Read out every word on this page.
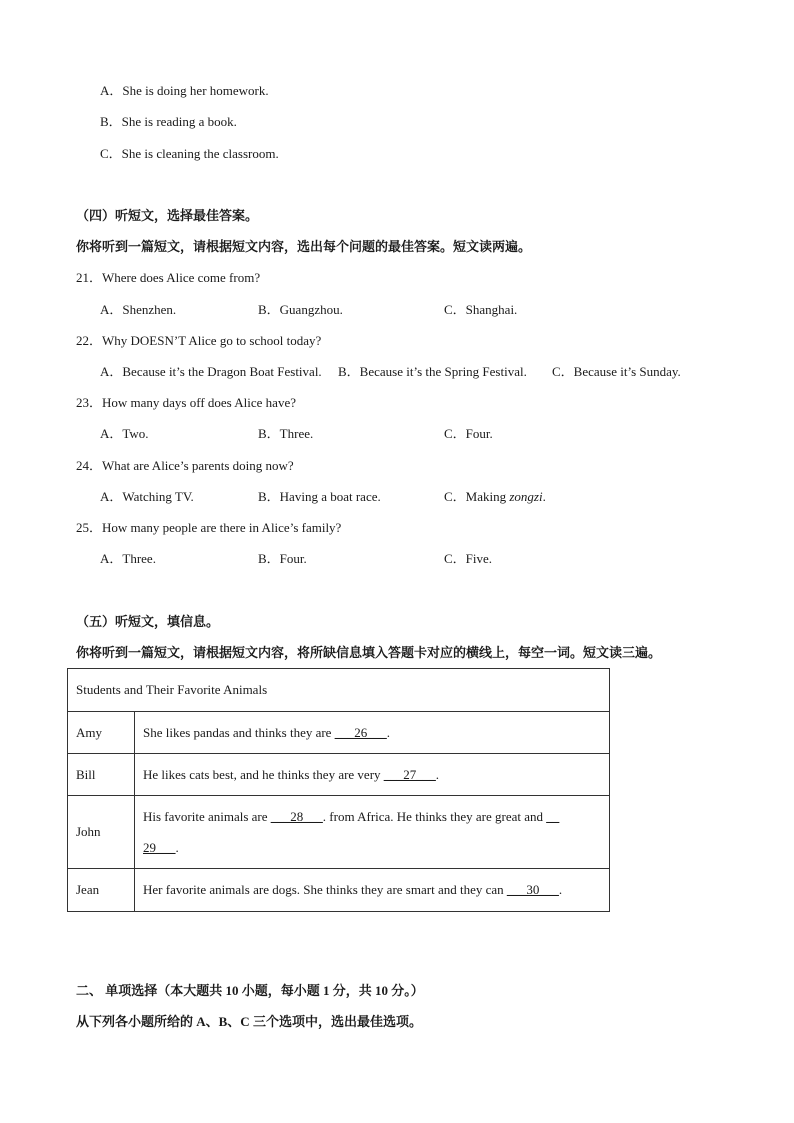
A．She is doing her homework.
B．She is reading a book.
C．She is cleaning the classroom.
（四）听短文，选择最佳答案。
你将听到一篇短文，请根据短文内容，选出每个问题的最佳答案。短文读两遍。
21．Where does Alice come from?
A．Shenzhen.	B．Guangzhou.	C．Shanghai.
22．Why DOESN’T Alice go to school today?
A．Because it’s the Dragon Boat Festival. B．Because it’s the Spring Festival. C．Because it’s Sunday.
23．How many days off does Alice have?
A．Two.	B．Three.	C．Four.
24．What are Alice’s parents doing now?
A．Watching TV.	B．Having a boat race.	C．Making zongzi.
25．How many people are there in Alice’s family?
A．Three.	B．Four.	C．Five.
（五）听短文，填信息。
你将听到一篇短文，请根据短文内容，将所缺信息填入答题卡对应的横线上，每空一词。短文读三遍。
Students and Their Favorite Animals	
Amy	She likes pandas and thinks they are ___26___.
Bill	He likes cats best, and he thinks they are very ___27___.
John	His favorite animals are ___28___. from Africa. He thinks they are great and __
29___.
Jean	Her favorite animals are dogs. She thinks they are smart and they can ___30___.
二、 单项选择（本大题共 10 小题，每小题 1 分，共 10 分。）
从下列各小题所给的 A、B、C 三个选项中，选出最佳选项。
